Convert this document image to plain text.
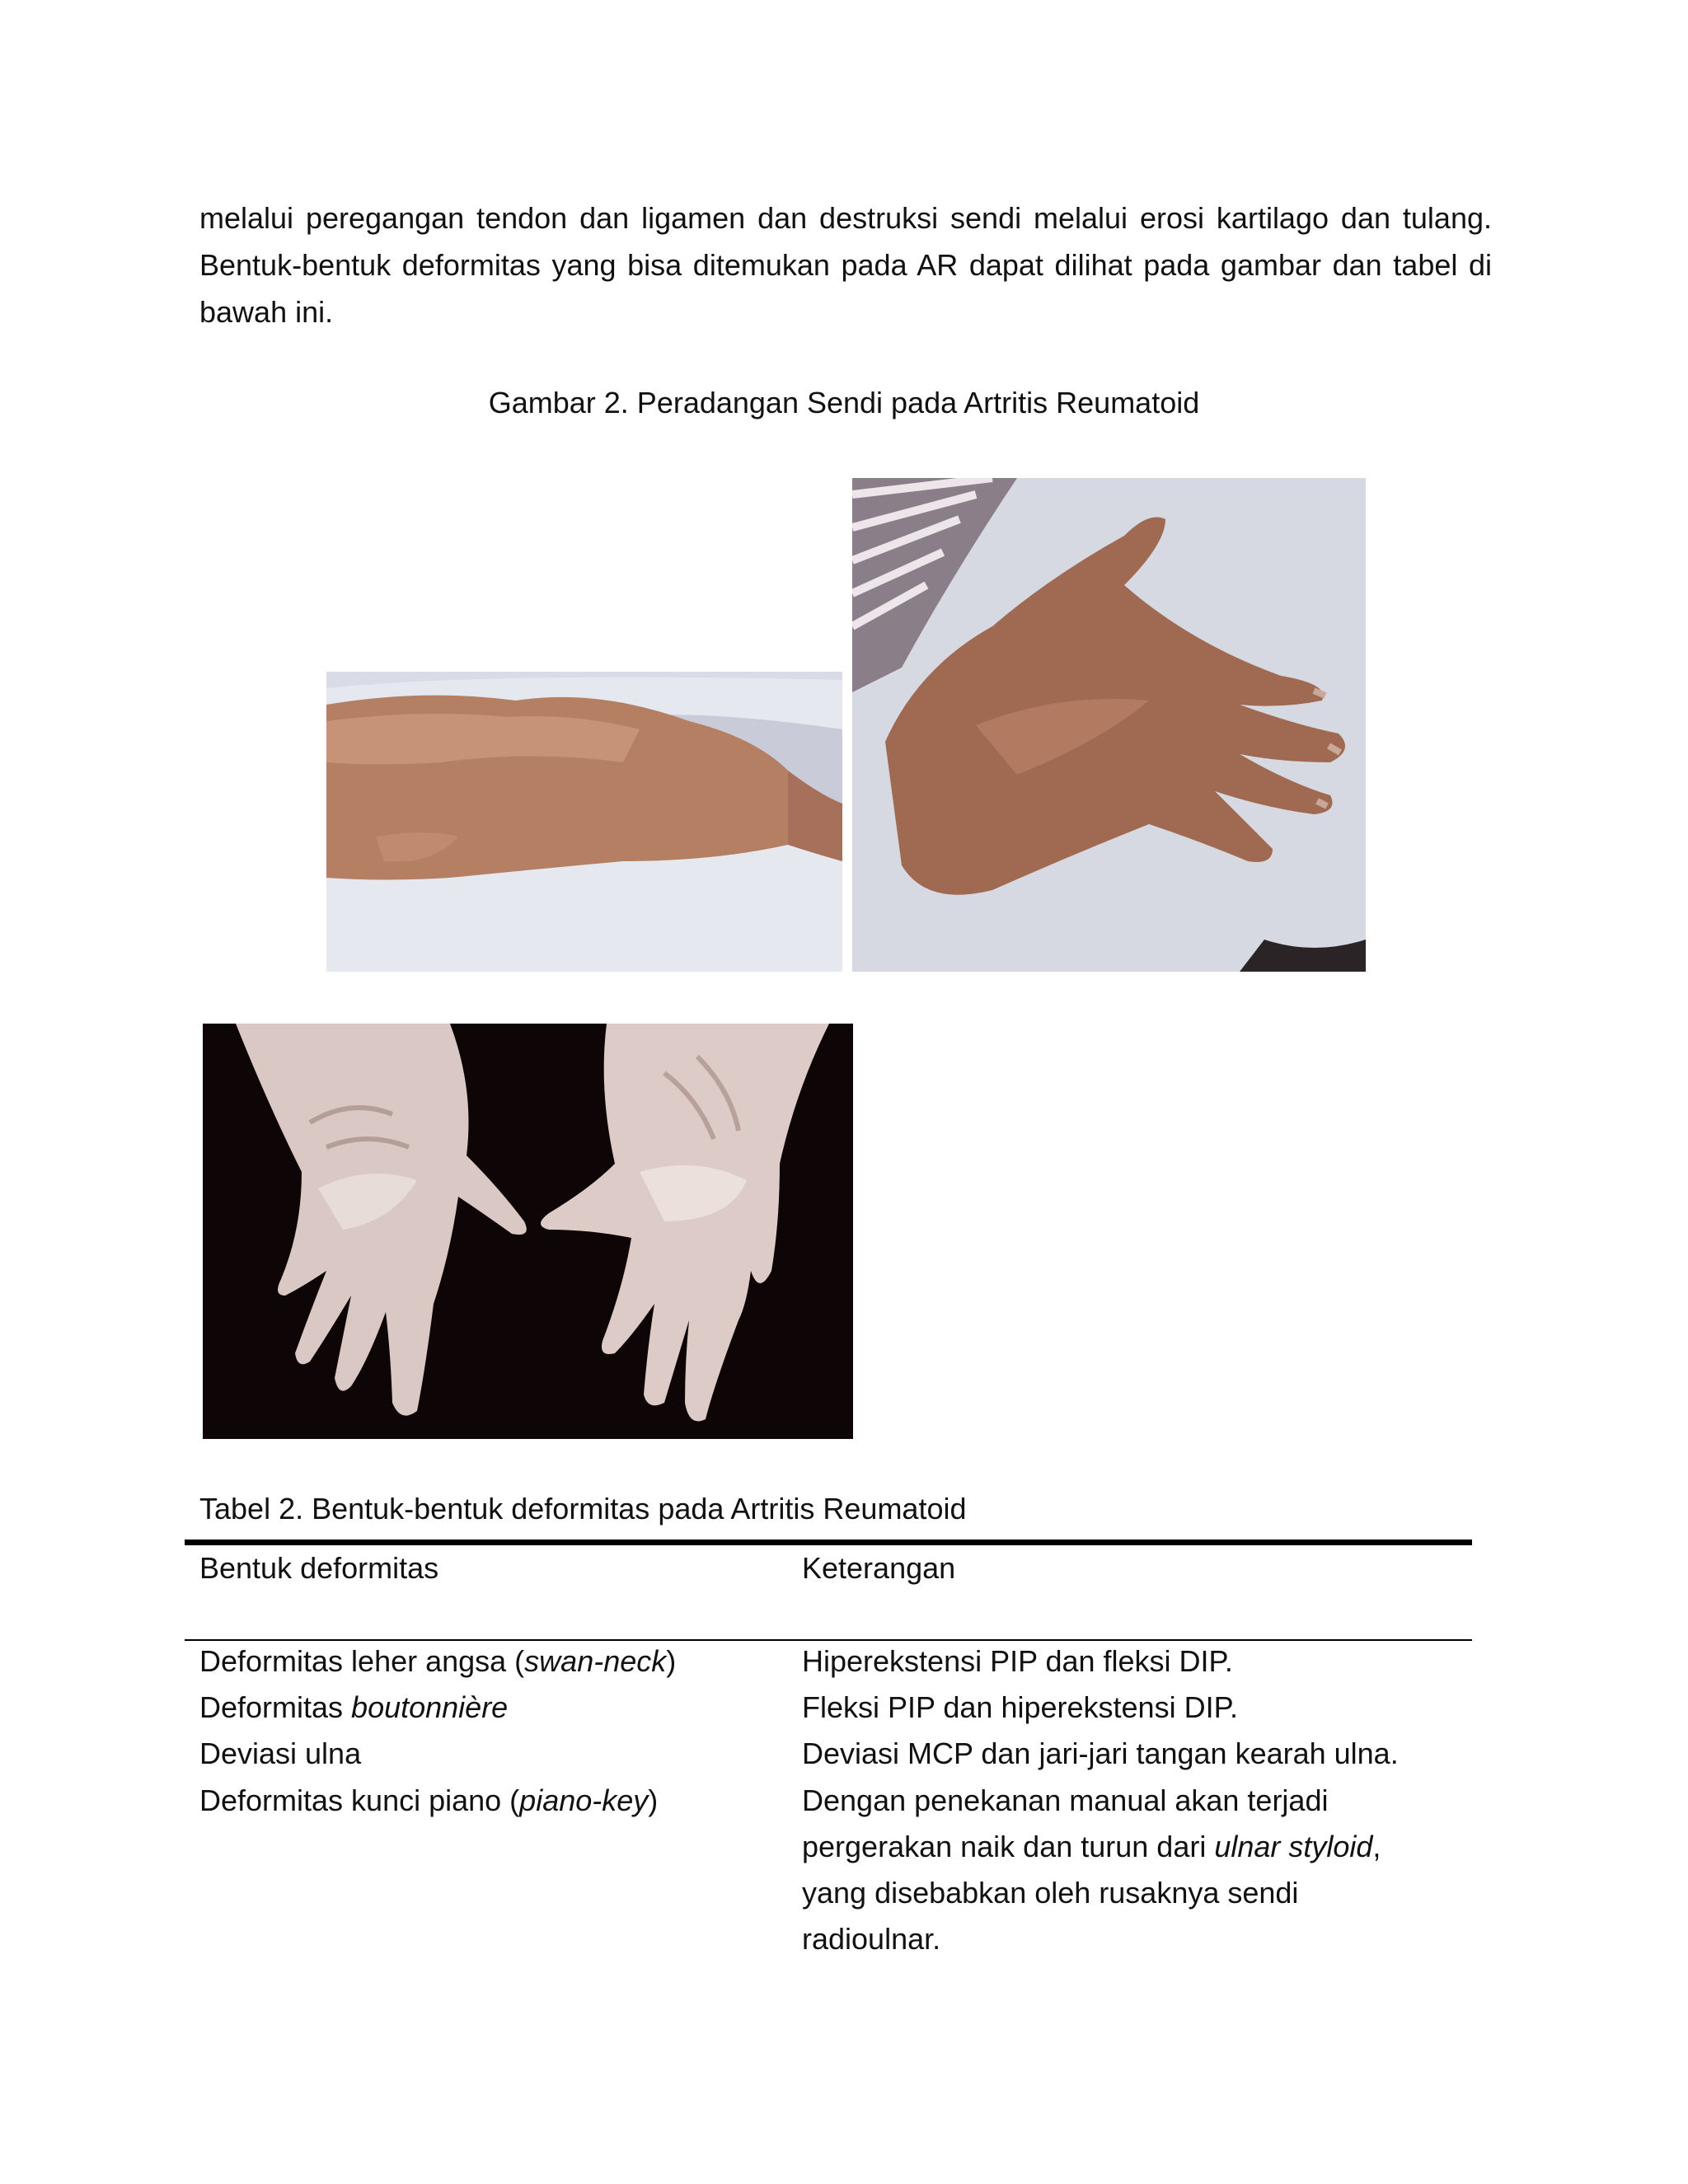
melalui peregangan tendon dan ligamen dan destruksi sendi melalui erosi kartilago dan tulang. Bentuk-bentuk deformitas yang bisa ditemukan pada AR dapat dilihat pada gambar dan tabel di bawah ini.

Gambar 2. Peradangan Sendi pada Artritis Reumatoid

Tabel 2. Bentuk-bentuk deformitas pada Artritis Reumatoid

Bentuk deformitas	Keterangan

Deformitas leher angsa (swan-neck)	Hiperekstensi PIP dan fleksi DIP.

Deformitas boutonnière	Fleksi PIP dan hiperekstensi DIP.

Deviasi ulna	Deviasi MCP dan jari-jari tangan kearah ulna.

Deformitas kunci piano (piano-key)	Dengan penekanan manual akan terjadi pergerakan naik dan turun dari ulnar styloid, yang disebabkan oleh rusaknya sendi radioulnar.
